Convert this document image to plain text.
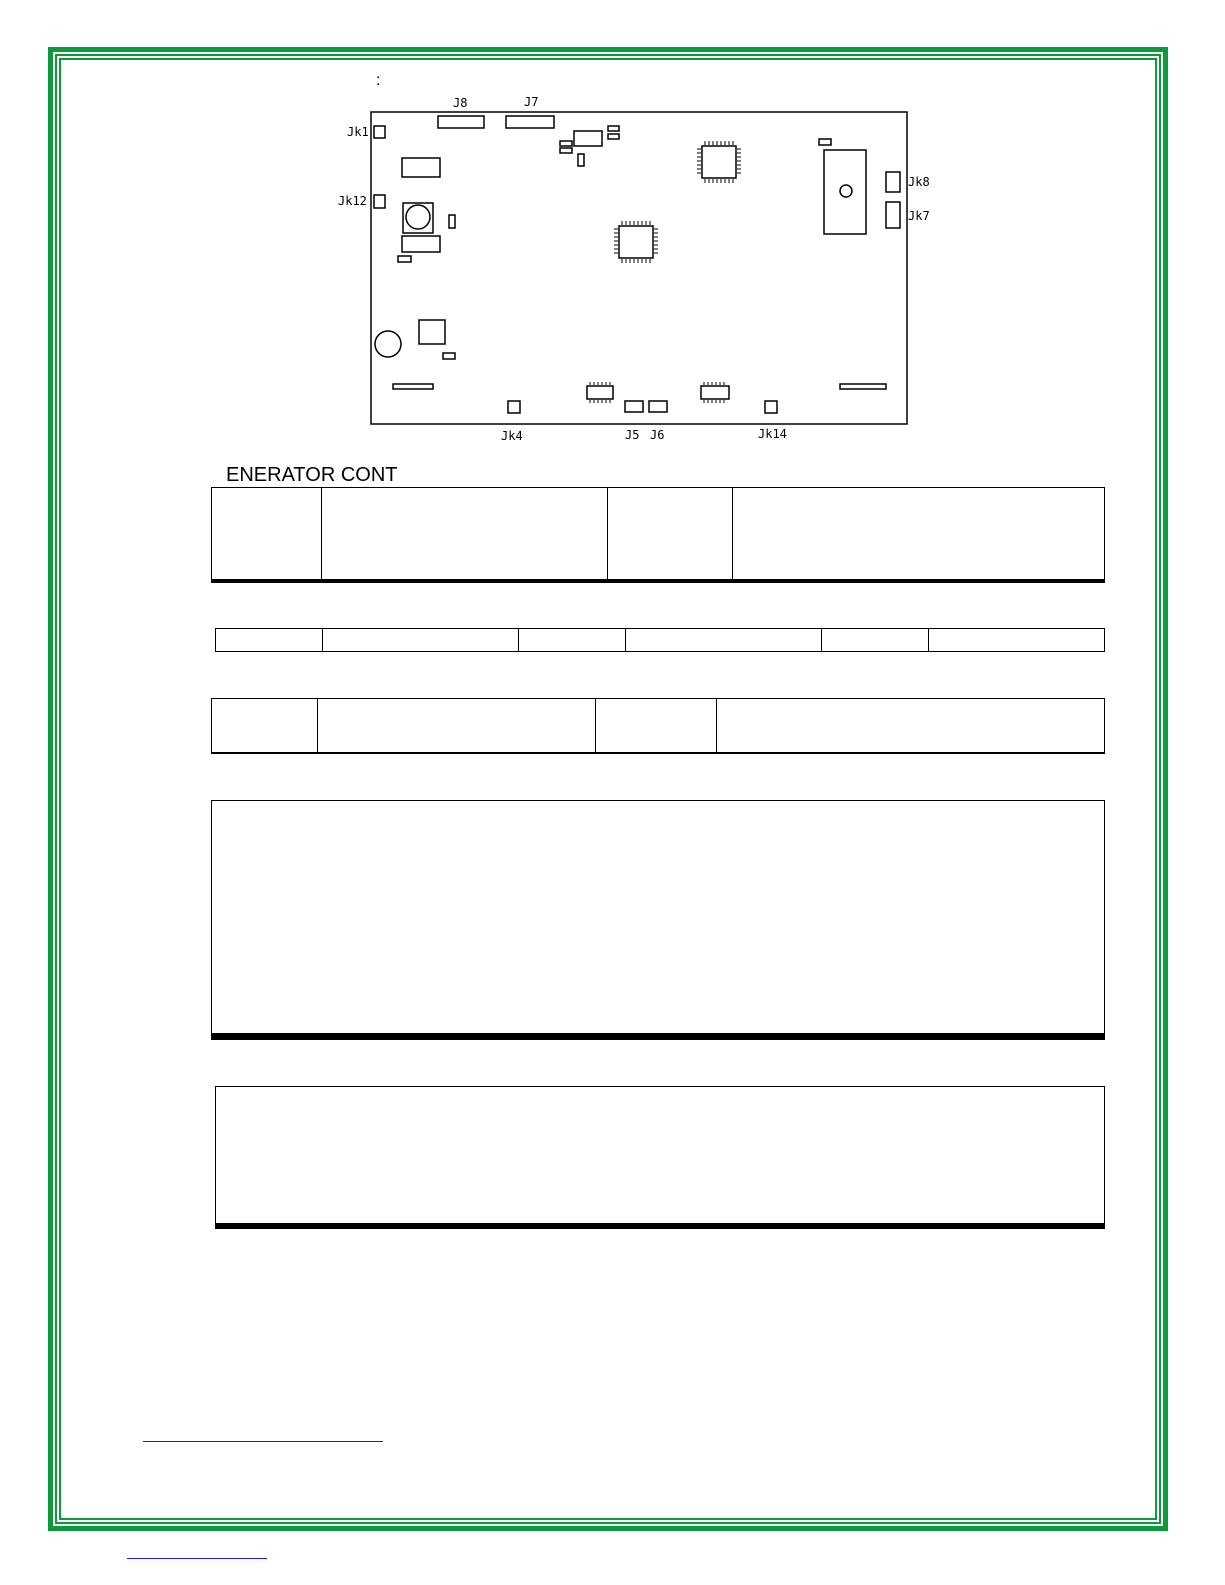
:
J8	J7
Jk1
Jk12
Jk8
Jk7
Jk4	J5 J6	Jk14
ENERATOR CONT
